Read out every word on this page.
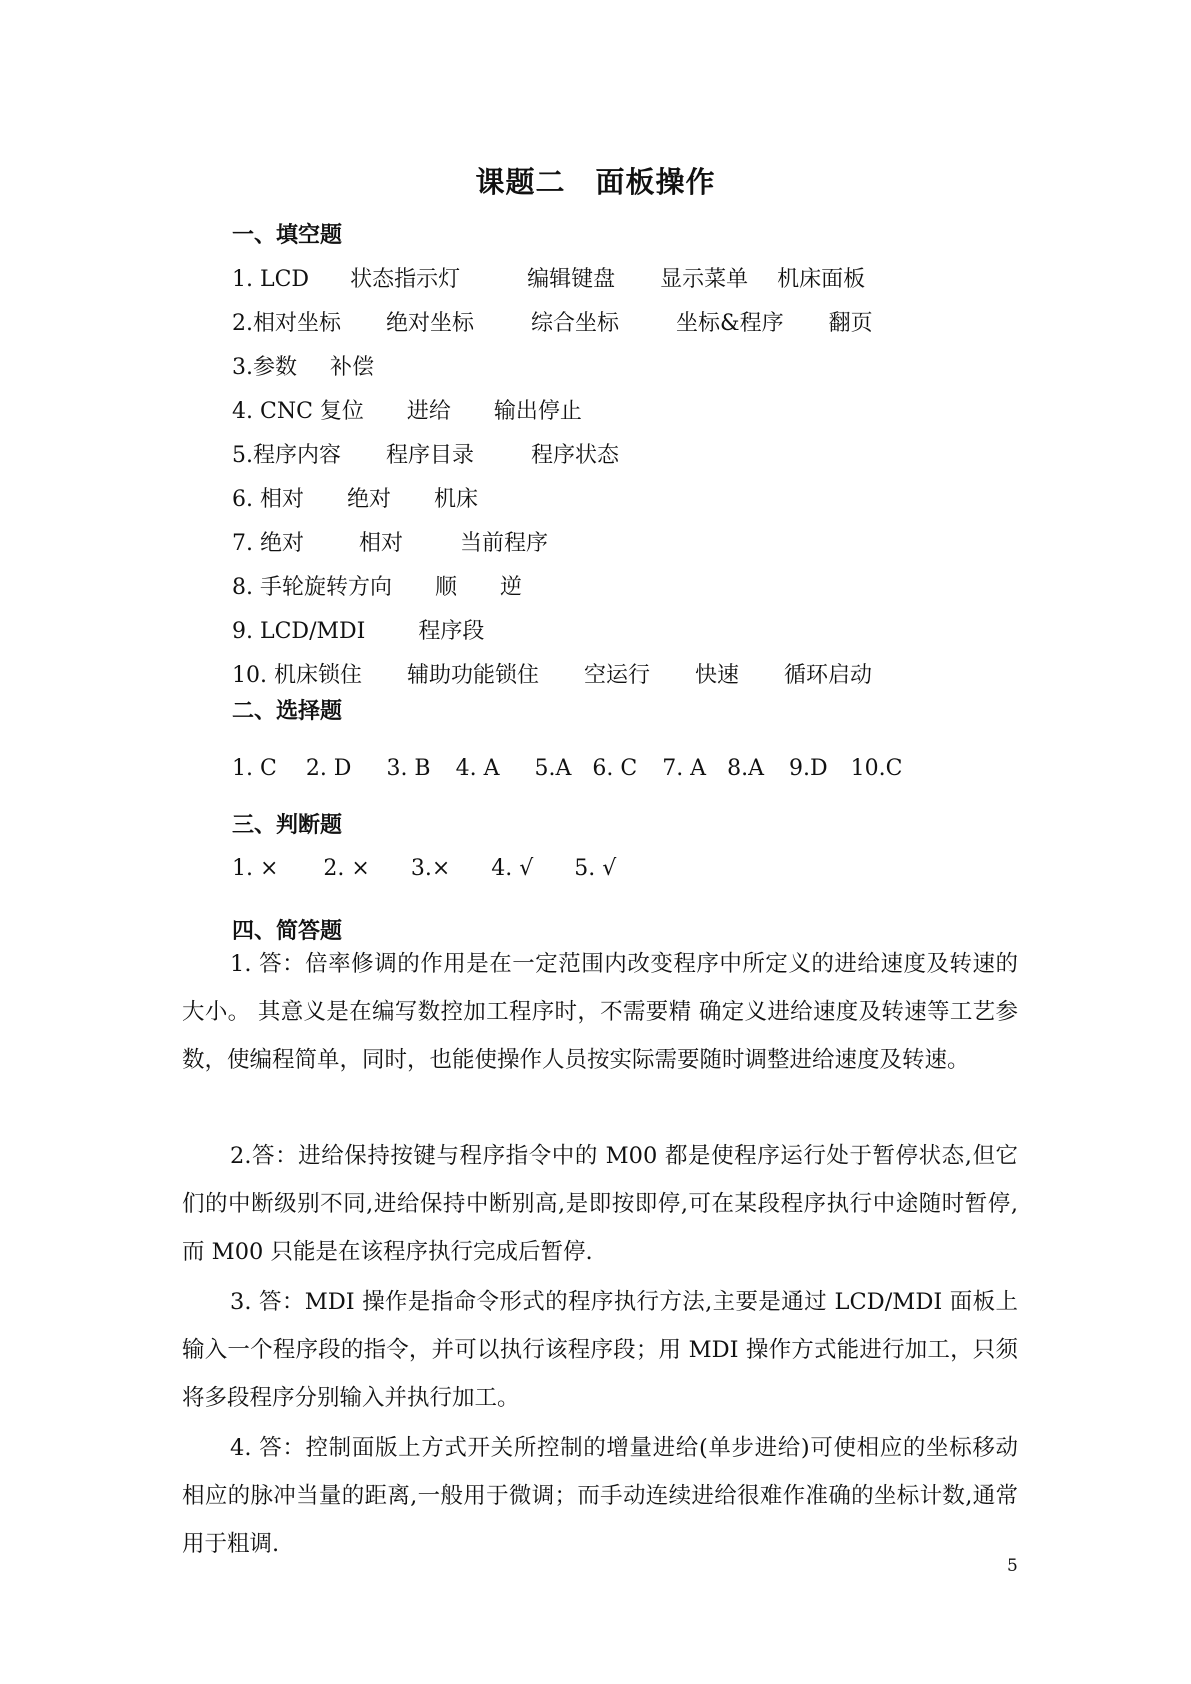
课题二 面板操作
一、填空题
1. LCD 状态指示灯	编辑键盘 显示菜单 机床面板
2.相对坐标 绝对坐标	综合坐标	坐标&程序 翻页
3.参数 补偿
4. CNC 复位 进给 输出停止
5.程序内容 程序目录	程序状态
6. 相对 绝对 机床
7. 绝对	相对	当前程序
8. 手轮旋转方向 顺 逆
9. LCD/MDI 程序段
10. 机床锁住 辅助功能锁住 空运行 快速 循环启动
二、选择题
1. C 2. D 3. B 4. A 5.A 6. C 7. A 8.A 9.D 10.C
三、判断题
1. × 2. × 3.× 4. √ 5. √
四、简答题

1. 答：倍率修调的作用是在一定范围内改变程序中所定义的进给速度及转速的大小。 其意义是在编写数控加工程序时，不需要精 确定义进给速度及转速等工艺参数，使编程简单，同时，也能使操作人员按实际需要随时调整进给速度及转速。

2.答：进给保持按键与程序指令中的 M00 都是使程序运行处于暂停状态,但它们的中断级别不同,进给保持中断别高,是即按即停,可在某段程序执行中途随时暂停,而 M00 只能是在该程序执行完成后暂停.

3. 答：MDI 操作是指命令形式的程序执行方法,主要是通过 LCD/MDI 面板上输入一个程序段的指令，并可以执行该程序段；用 MDI 操作方式能进行加工，只须将多段程序分别输入并执行加工。

4. 答：控制面版上方式开关所控制的增量进给(单步进给)可使相应的坐标移动相应的脉冲当量的距离,一般用于微调；而手动连续进给很难作准确的坐标计数,通常用于粗调.

5
